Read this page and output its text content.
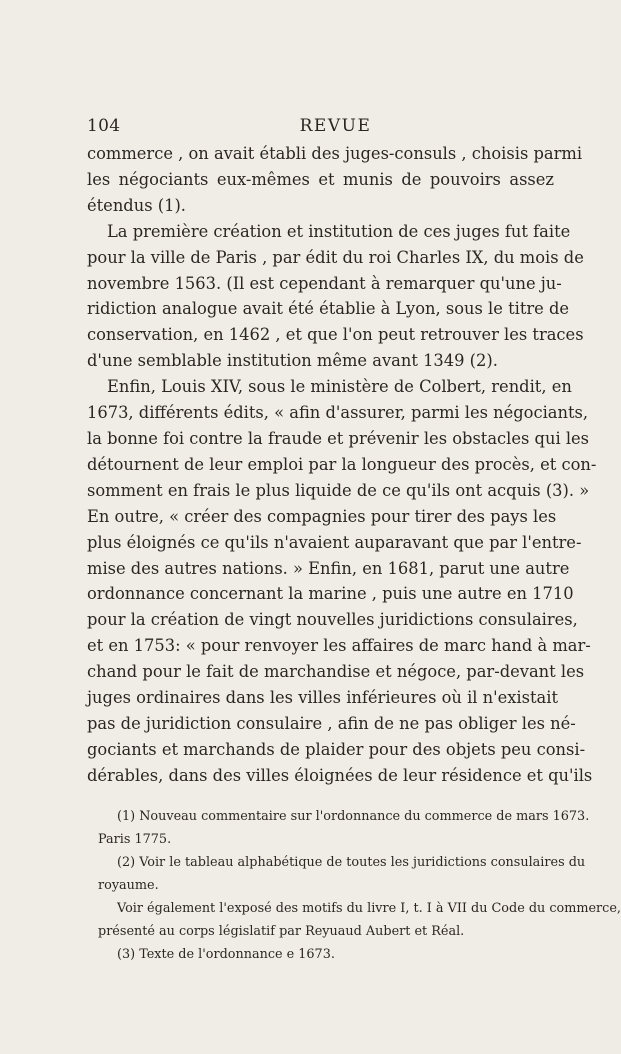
104	REVUE
commerce , on avait établi des juges-consuls , choisis parmi
les négociants eux-mêmes et munis de pouvoirs assez
étendus (1).
La première création et institution de ces juges fut faite
pour la ville de Paris , par édit du roi Charles IX, du mois de
novembre 1563. (Il est cependant à remarquer qu'une ju-
ridiction analogue avait été établie à Lyon, sous le titre de
conservation, en 1462 , et que l'on peut retrouver les traces
d'une semblable institution même avant 1349 (2).
Enfin, Louis XIV, sous le ministère de Colbert, rendit, en
1673, différents édits, « afin d'assurer, parmi les négociants,
la bonne foi contre la fraude et prévenir les obstacles qui les
détournent de leur emploi par la longueur des procès, et con-
somment en frais le plus liquide de ce qu'ils ont acquis (3). »
En outre, « créer des compagnies pour tirer des pays les
plus éloignés ce qu'ils n'avaient auparavant que par l'entre-
mise des autres nations. » Enfin, en 1681, parut une autre
ordonnance concernant la marine , puis une autre en 1710
pour la création de vingt nouvelles juridictions consulaires,
et en 1753: « pour renvoyer les affaires de marc hand à mar-
chand pour le fait de marchandise et négoce, par-devant les
juges ordinaires dans les villes inférieures où il n'existait
pas de juridiction consulaire , afin de ne pas obliger les né-
gociants et marchands de plaider pour des objets peu consi-
dérables, dans des villes éloignées de leur résidence et qu'ils
(1) Nouveau commentaire sur l'ordonnance du commerce de mars 1673.
Paris 1775.
(2) Voir le tableau alphabétique de toutes les juridictions consulaires du
royaume.
Voir également l'exposé des motifs du livre I, t. I à VII du Code du commerce,
présenté au corps législatif par Reyuaud Aubert et Réal.
(3) Texte de l'ordonnance e 1673.
